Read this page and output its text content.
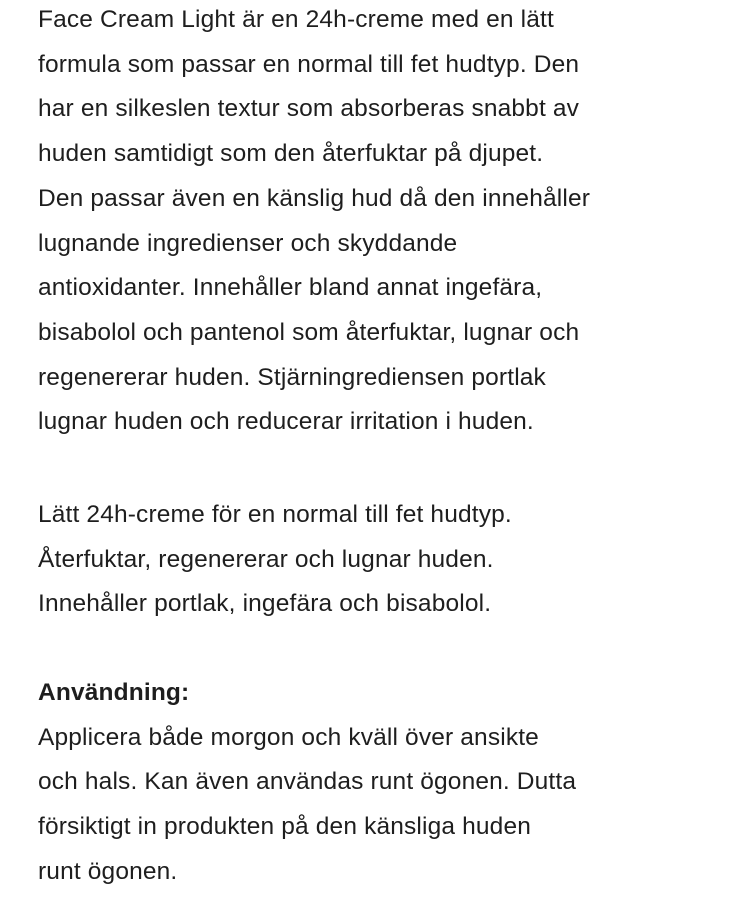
Face Cream Light är en 24h-creme med en lätt
formula som passar en normal till fet hudtyp. Den
har en silkeslen textur som absorberas snabbt av
huden samtidigt som den återfuktar på djupet.
Den passar även en känslig hud då den innehåller
lugnande ingredienser och skyddande
antioxidanter. Innehåller bland annat ingefära,
bisabolol och pantenol som återfuktar, lugnar och
regenererar huden. Stjärningrediensen portlak
lugnar huden och reducerar irritation i huden.
Lätt 24h-creme för en normal till fet hudtyp.
Återfuktar, regenererar och lugnar huden.
Innehåller portlak, ingefära och bisabolol.
Användning:
Applicera både morgon och kväll över ansikte
och hals. Kan även användas runt ögonen. Dutta
försiktigt in produkten på den känsliga huden
runt ögonen.
